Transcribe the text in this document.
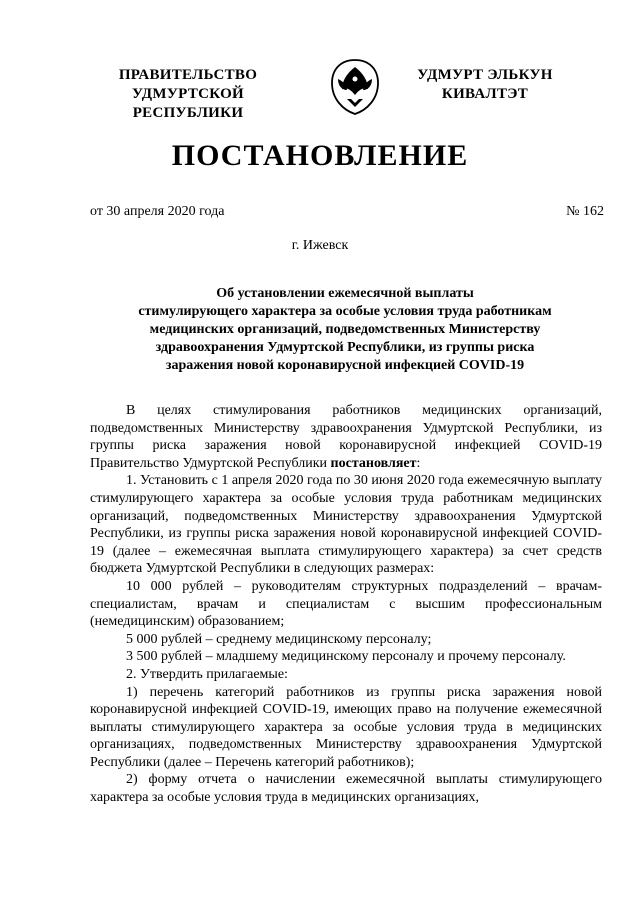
ПРАВИТЕЛЬСТВО
УДМУРТСКОЙ РЕСПУБЛИКИ
УДМУРТ ЭЛЬКУН
КИВАЛТЭТ
ПОСТАНОВЛЕНИЕ
от 30 апреля 2020 года	№ 162
г. Ижевск
Об установлении ежемесячной выплаты
стимулирующего характера за особые условия труда работникам
медицинских организаций, подведомственных Министерству
здравоохранения Удмуртской Республики, из группы риска
заражения новой коронавирусной инфекцией COVID-19

В целях стимулирования работников медицинских организаций, подведомственных Министерству здравоохранения Удмуртской Республики, из группы риска заражения новой коронавирусной инфекцией COVID-19 Правительство Удмуртской Республики постановляет:

1. Установить с 1 апреля 2020 года по 30 июня 2020 года ежемесячную выплату стимулирующего характера за особые условия труда работникам медицинских организаций, подведомственных Министерству здравоохранения Удмуртской Республики, из группы риска заражения новой коронавирусной инфекцией COVID-19 (далее – ежемесячная выплата стимулирующего характера) за счет средств бюджета Удмуртской Республики в следующих размерах:

10 000 рублей – руководителям структурных подразделений – врачам-специалистам, врачам и специалистам с высшим профессиональным (немедицинским) образованием;

5 000 рублей – среднему медицинскому персоналу;

3 500 рублей – младшему медицинскому персоналу и прочему персоналу.

2. Утвердить прилагаемые:

1) перечень категорий работников из группы риска заражения новой коронавирусной инфекцией COVID-19, имеющих право на получение ежемесячной выплаты стимулирующего характера за особые условия труда в медицинских организациях, подведомственных Министерству здравоохранения Удмуртской Республики (далее – Перечень категорий работников);

2) форму отчета о начислении ежемесячной выплаты стимулирующего характера за особые условия труда в медицинских организациях,
